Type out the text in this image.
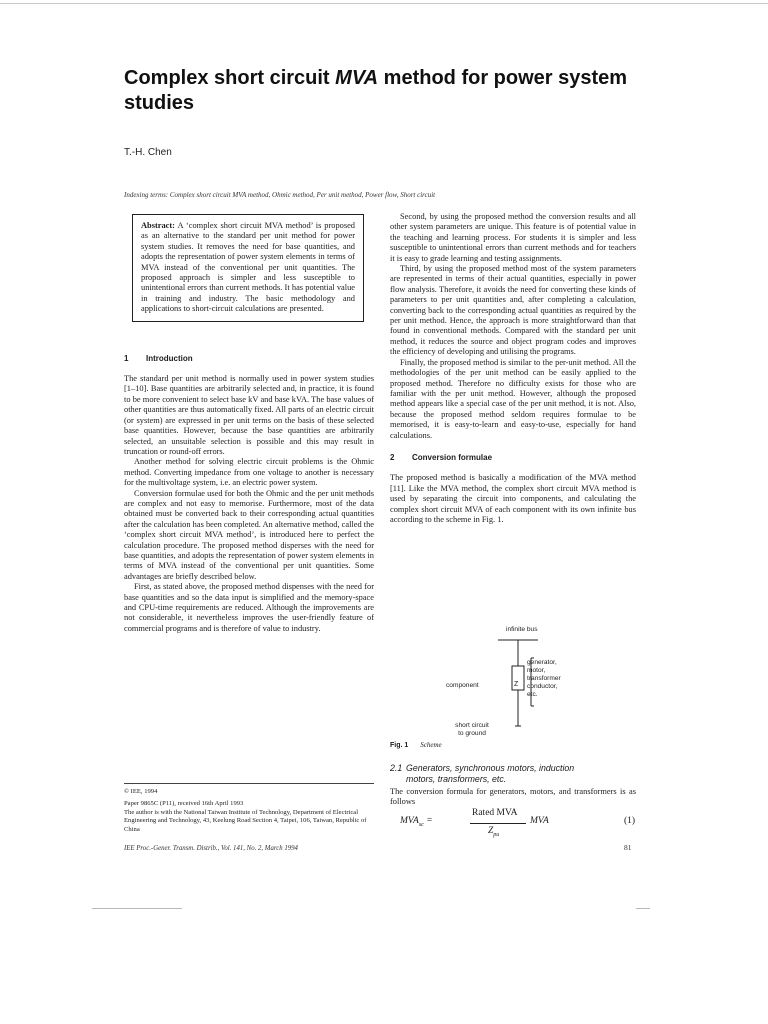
Complex short circuit MVA method for power system studies
T.-H. Chen
Indexing terms: Complex short circuit MVA method, Ohmic method, Per unit method, Power flow, Short circuit
Abstract: A ‘complex short circuit MVA method’ is proposed as an alternative to the standard per unit method for power system studies. It removes the need for base quantities, and adopts the representation of power system elements in terms of MVA instead of the conventional per unit quantities. The proposed approach is simpler and less susceptible to unintentional errors than current methods. It has potential value in training and industry. The basic methodology and applications to short-circuit calculations are presented.
1 Introduction

The standard per unit method is normally used in power system studies [1–10]. Base quantities are arbitrarily selected and, in practice, it is found to be more convenient to select base kV and base kVA. The base values of other quantities are thus automatically fixed. All parts of an electric circuit (or system) are expressed in per unit terms on the basis of these selected base quantities. However, because the base quantities are arbitrarily selected, an unsuitable selection is possible and this may result in truncation or round-off errors.

Another method for solving electric circuit problems is the Ohmic method. Converting impedance from one voltage to another is necessary for the multivoltage system, i.e. an electric power system.

Conversion formulae used for both the Ohmic and the per unit methods are complex and not easy to memorise. Furthermore, most of the data obtained must be converted back to their corresponding actual quantities after the calculation has been completed. An alternative method, called the ‘complex short circuit MVA method’, is introduced here to perfect the calculation procedure. The proposed method disperses with the need for base quantities, and adopts the representation of power system elements in terms of MVA instead of the conventional per unit quantities. Some advantages are briefly described below.

First, as stated above, the proposed method dispenses with the need for base quantities and so the data input is simplified and the memory-space and CPU-time requirements are reduced. Although the improvements are not considerable, it nevertheless improves the user-friendly feature of commercial programs and is therefore of value to industry.

© IEE, 1994
Paper 9865C (P11), received 16th April 1993
The author is with the National Taiwan Institute of Technology, Department of Electrical Engineering and Technology, 43, Keelung Road Section 4, Taipei, 106, Taiwan, Republic of China
IEE Proc.-Gener. Transm. Distrib., Vol. 141, No. 2, March 1994

Second, by using the proposed method the conversion results and all other system parameters are unique. This feature is of potential value in the teaching and learning process. For students it is simpler and less susceptible to unintentional errors than current methods and for teachers it is easy to grade learning and testing assignments.

Third, by using the proposed method most of the system parameters are represented in terms of their actual quantities, especially in power flow analysis. Therefore, it avoids the need for converting these kinds of parameters to per unit quantities and, after completing a calculation, converting back to the corresponding actual quantities as required by the per unit method. Hence, the approach is more straightforward than that found in conventional methods. Compared with the standard per unit method, it reduces the source and object program codes and improves the efficiency of developing and utilising the programs.

Finally, the proposed method is similar to the per-unit method. All the methodologies of the per unit method can be easily applied to the proposed method. Therefore no difficulty exists for those who are familiar with the per unit method. However, although the proposed method appears like a special case of the per unit method, it is not. Also, because the proposed method seldom requires formulae to be memorised, it is easy-to-learn and easy-to-use, especially for hand calculations.

2 Conversion formulae

The proposed method is basically a modification of the MVA method [11]. Like the MVA method, the complex short circuit MVA method is used by separating the circuit into components, and calculating the complex short circuit MVA of each component with its own infinite bus according to the scheme in Fig. 1.

infinite bus
Z
component
generator,
motor,
transformer
conductor,
etc.
short circuit
to ground
Fig. 1 Scheme
2.1 Generators, synchronous motors, induction
motors, transformers, etc.

The conversion formula for generators, motors, and transformers is as follows

$MVA_{sc}$ =
Rated MVA
$Z_{pu}$
MVA	(1)
81
